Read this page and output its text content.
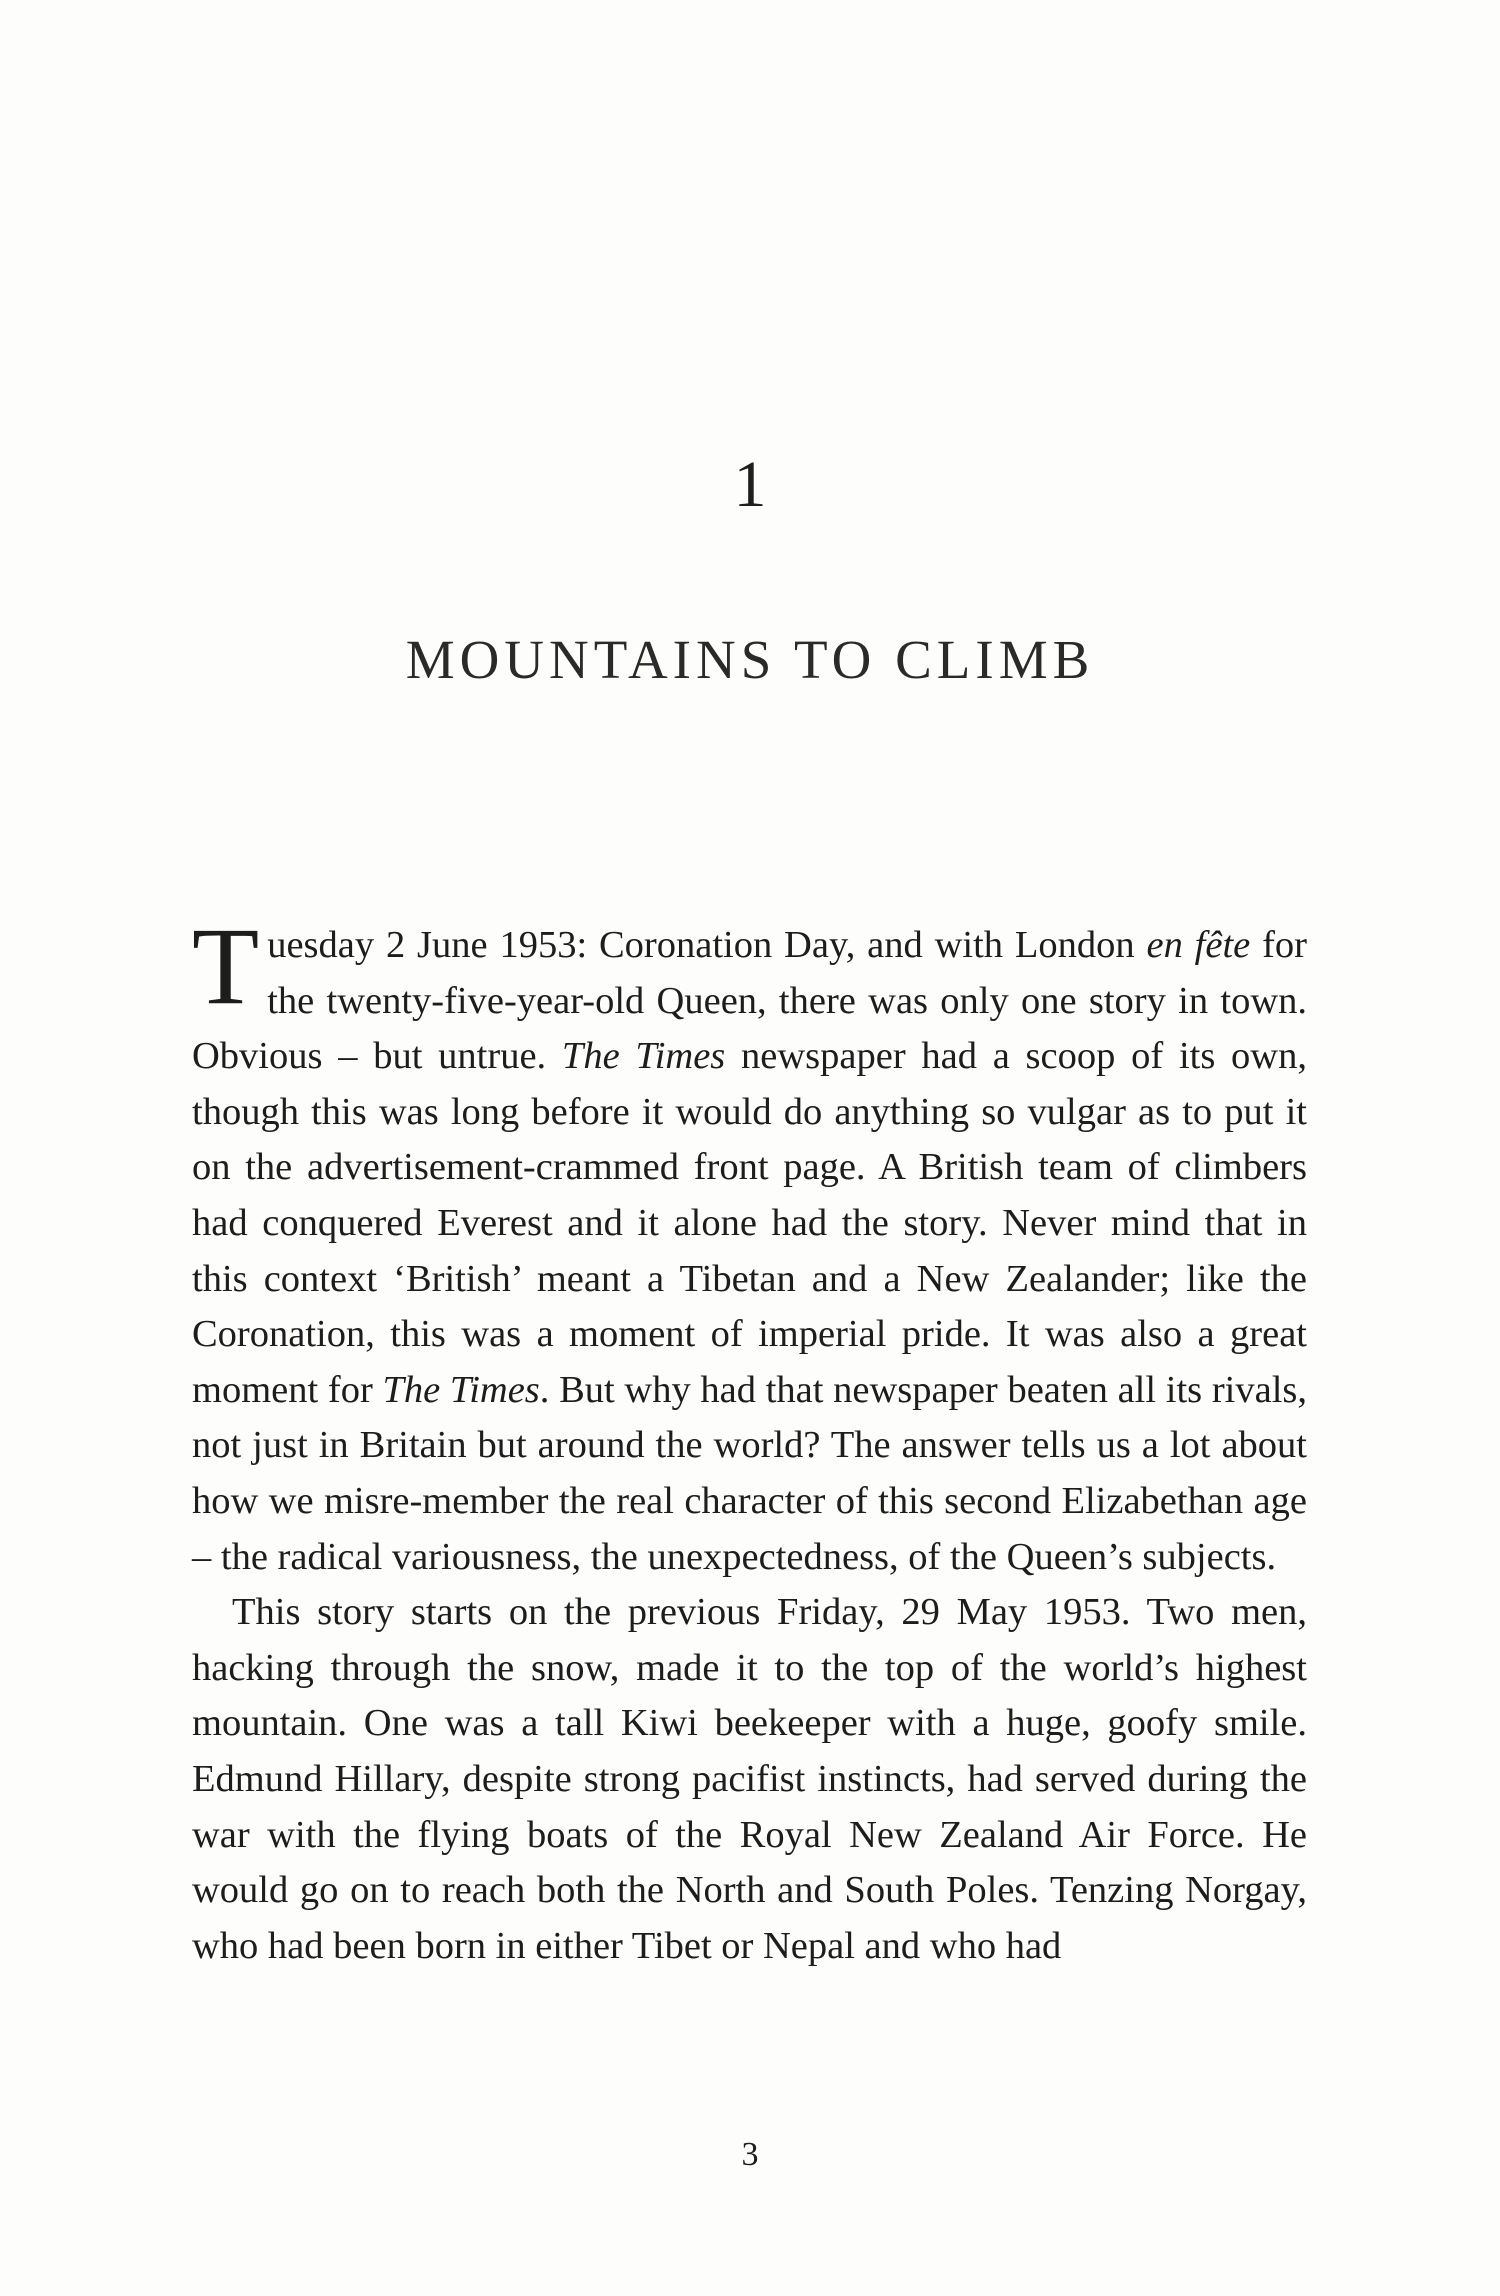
1
MOUNTAINS TO CLIMB

Tuesday 2 June 1953: Coronation Day, and with London en fête for the twenty-five-year-old Queen, there was only one story in town. Obvious – but untrue. The Times newspaper had a scoop of its own, though this was long before it would do anything so vulgar as to put it on the advertisement-crammed front page. A British team of climbers had conquered Everest and it alone had the story. Never mind that in this context ‘British’ meant a Tibetan and a New Zealander; like the Coronation, this was a moment of imperial pride. It was also a great moment for The Times. But why had that newspaper beaten all its rivals, not just in Britain but around the world? The answer tells us a lot about how we misre-member the real character of this second Elizabethan age – the radical variousness, the unexpectedness, of the Queen’s subjects.

This story starts on the previous Friday, 29 May 1953. Two men, hacking through the snow, made it to the top of the world’s highest mountain. One was a tall Kiwi beekeeper with a huge, goofy smile. Edmund Hillary, despite strong pacifist instincts, had served during the war with the flying boats of the Royal New Zealand Air Force. He would go on to reach both the North and South Poles. Tenzing Norgay, who had been born in either Tibet or Nepal and who had

3
